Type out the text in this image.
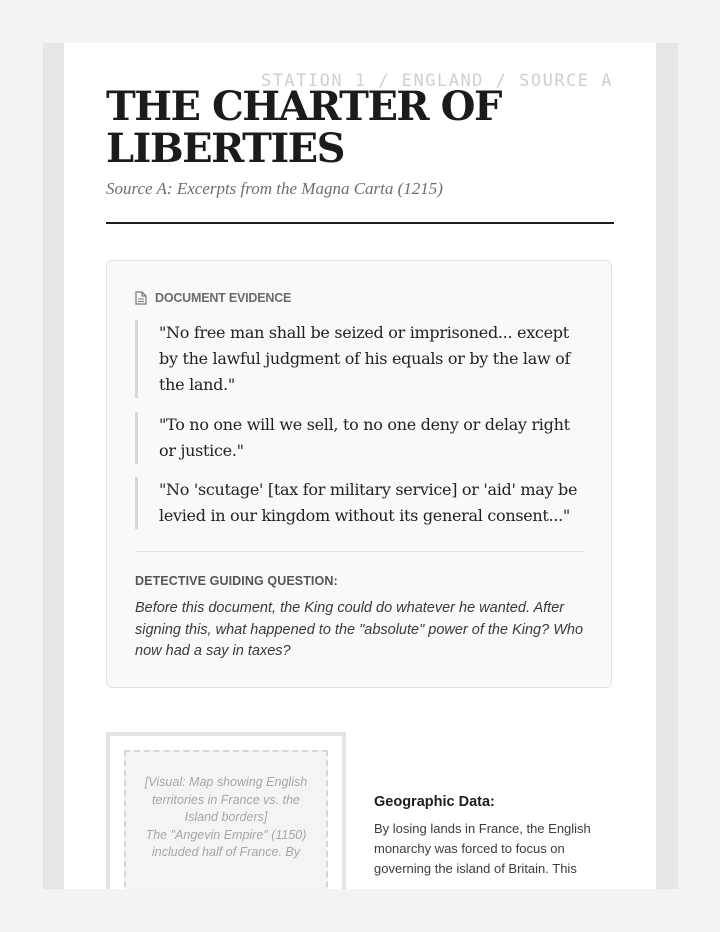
STATION 1 / ENGLAND / SOURCE A
THE CHARTER OF LIBERTIES

Source A: Excerpts from the Magna Carta (1215)

DOCUMENT EVIDENCE
"No free man shall be seized or imprisoned... except by the lawful judgment of his equals or by the law of the land."
"To no one will we sell, to no one deny or delay right or justice."
"No 'scutage' [tax for military service] or 'aid' may be levied in our kingdom without its general consent..."
DETECTIVE GUIDING QUESTION:
Before this document, the King could do whatever he wanted. After signing this, what happened to the "absolute" power of the King? Who now had a say in taxes?
[Visual: Map showing English territories in France vs. the Island borders]
The "Angevin Empire" (1150) included half of France. By
Geographic Data:
By losing lands in France, the English monarchy was forced to focus on governing the island of Britain. This
